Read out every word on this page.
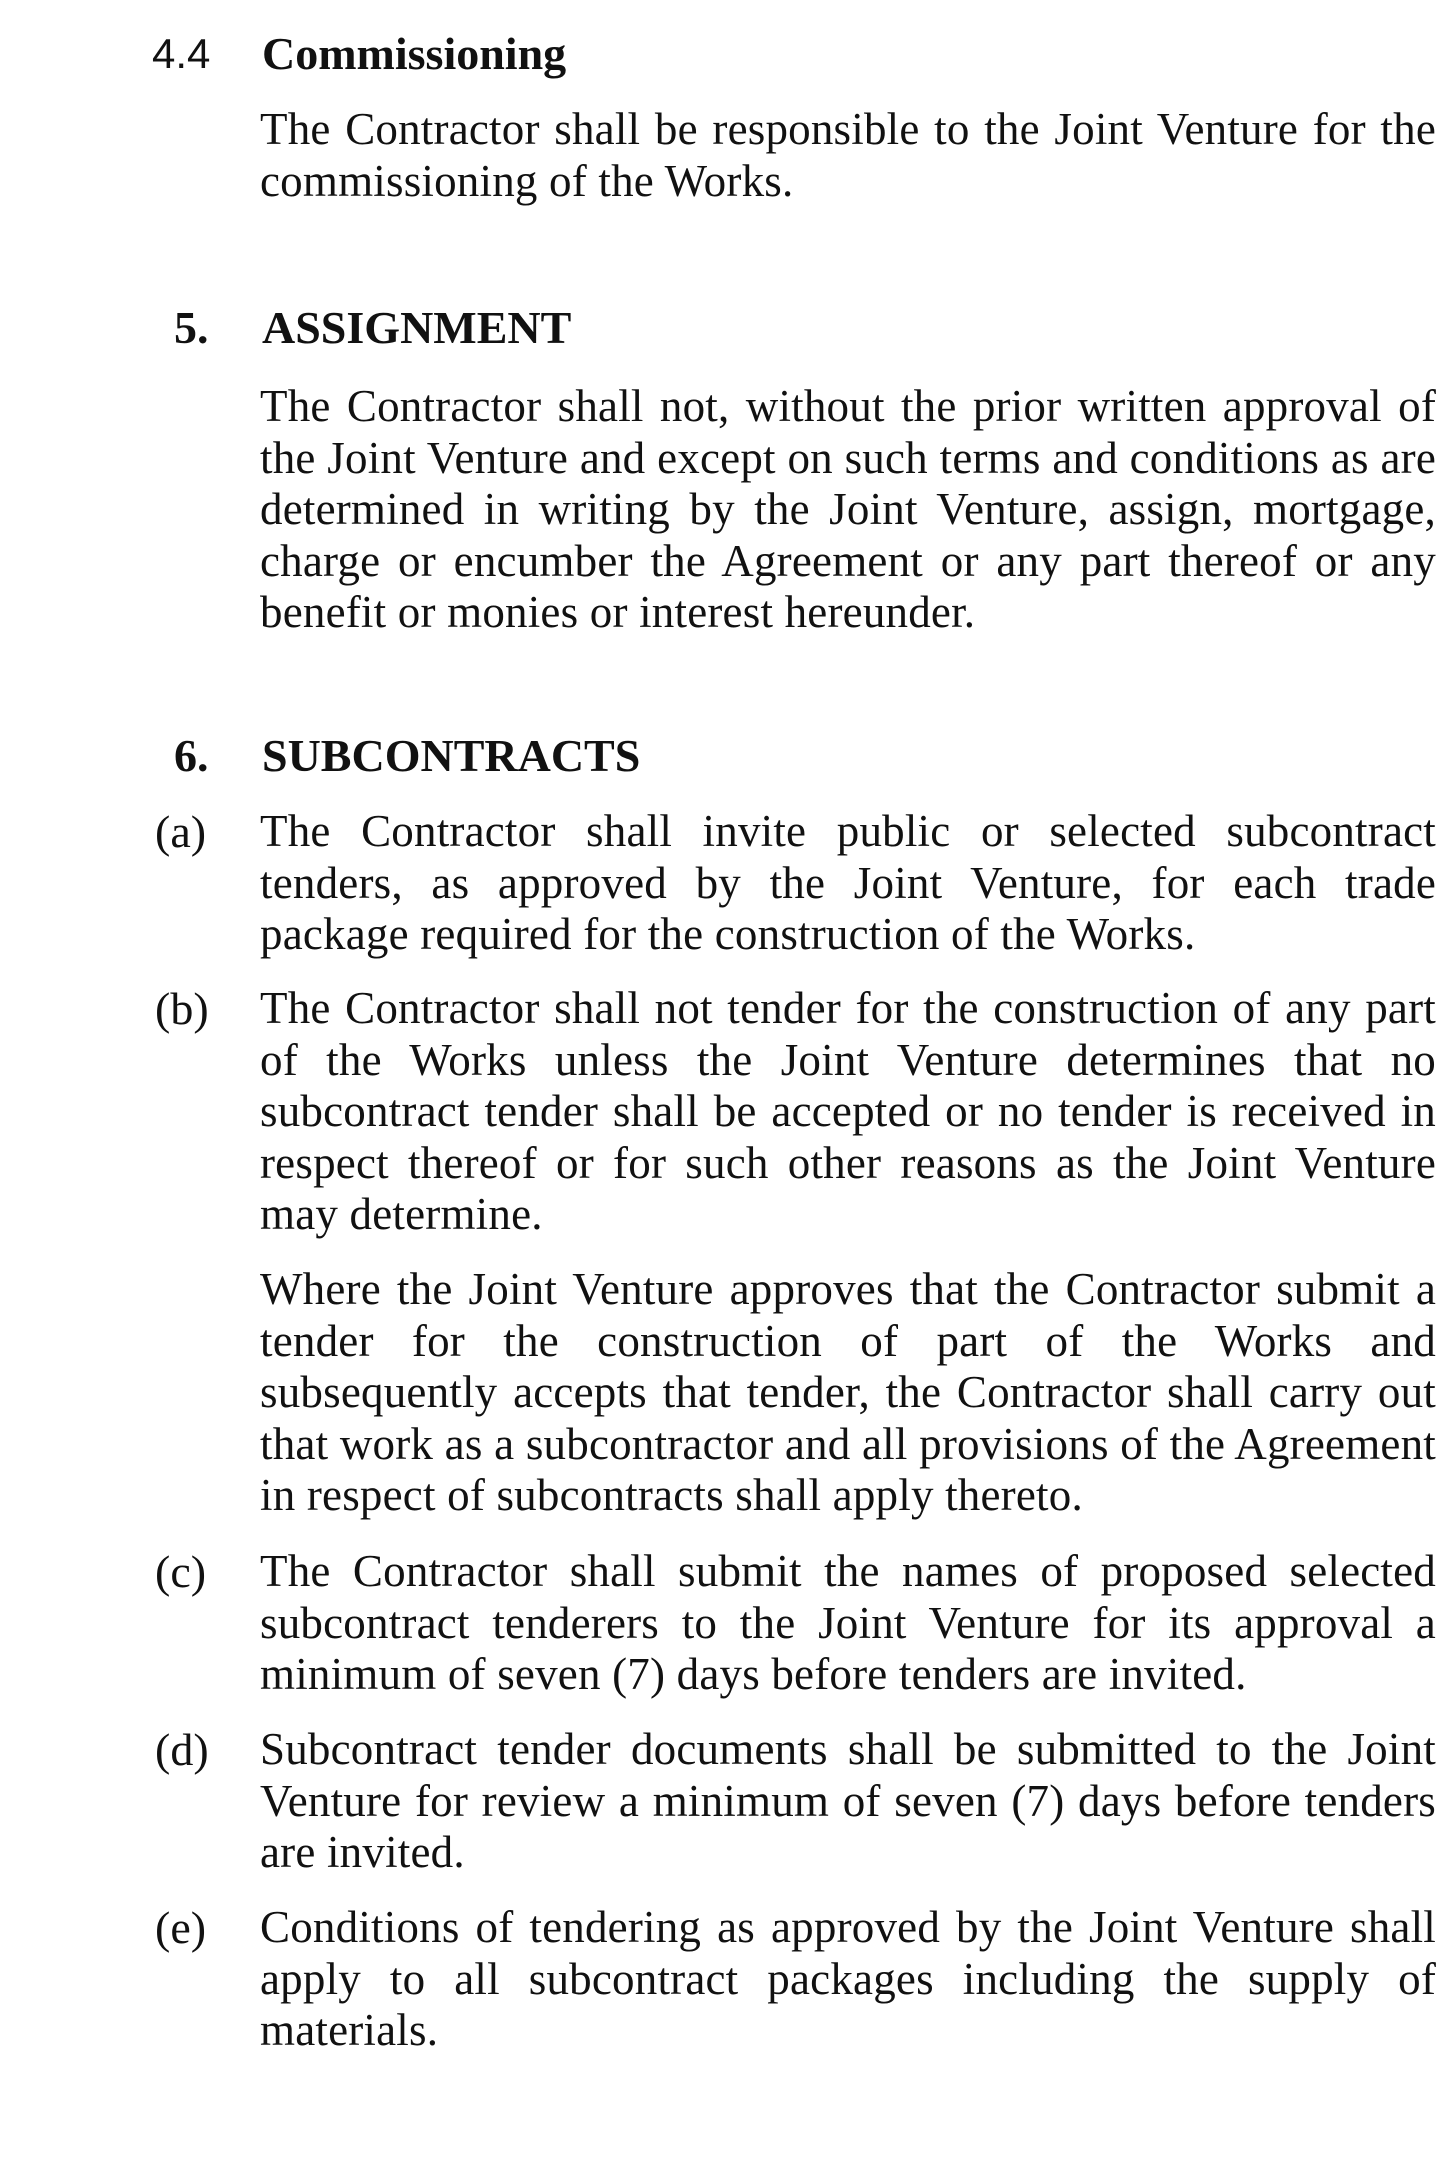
4.4 Commissioning

The Contractor shall be responsible to the Joint Venture for the commissioning of the Works.

5. ASSIGNMENT

The Contractor shall not, without the prior written approval of the Joint Venture and except on such terms and conditions as are determined in writing by the Joint Venture, assign, mortgage, charge or encumber the Agreement or any part thereof or any benefit or monies or interest hereunder.

6. SUBCONTRACTS
(a) The Contractor shall invite public or selected subcontract tenders, as approved by the Joint Venture, for each trade package required for the construction of the Works.

(b) The Contractor shall not tender for the construction of any part of the Works unless the Joint Venture determines that no subcontract tender shall be accepted or no tender is received in respect thereof or for such other reasons as the Joint Venture may determine.

Where the Joint Venture approves that the Contractor submit a tender for the construction of part of the Works and subsequently accepts that tender, the Contractor shall carry out that work as a subcontractor and all provisions of the Agreement in respect of subcontracts shall apply thereto.

(c) The Contractor shall submit the names of proposed selected subcontract tenderers to the Joint Venture for its approval a minimum of seven (7) days before tenders are invited.

(d) Subcontract tender documents shall be submitted to the Joint Venture for review a minimum of seven (7) days before tenders are invited.

(e) Conditions of tendering as approved by the Joint Venture shall apply to all subcontract packages including the supply of materials.
